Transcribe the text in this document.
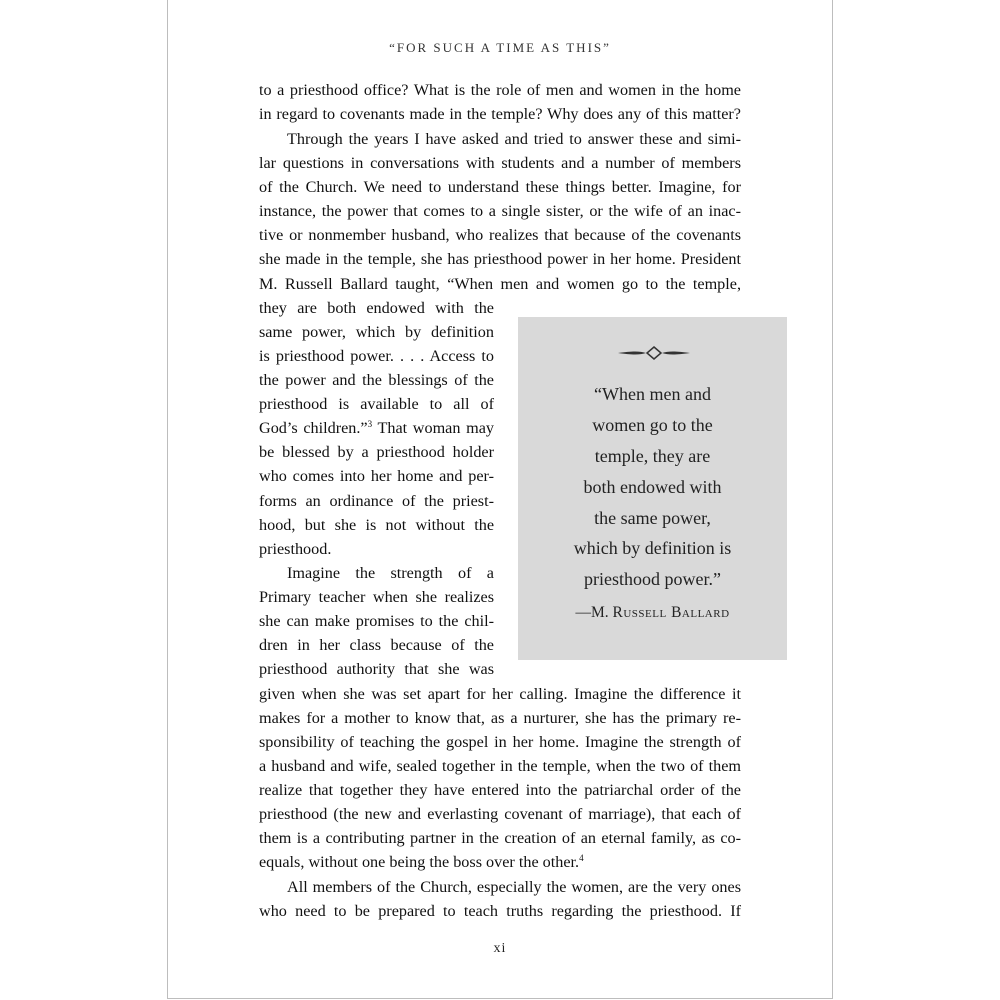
“FOR SUCH A TIME AS THIS”
to a priesthood office? What is the role of men and women in the home
in regard to covenants made in the temple? Why does any of this matter?
Through the years I have asked and tried to answer these and simi-
lar questions in conversations with students and a number of members
of the Church. We need to understand these things better. Imagine, for
instance, the power that comes to a single sister, or the wife of an inac-
tive or nonmember husband, who realizes that because of the covenants
she made in the temple, she has priesthood power in her home. President
M. Russell Ballard taught, “When men and women go to the temple,
they are both endowed with the
same power, which by definition
is priesthood power. . . . Access to
the power and the blessings of the
priesthood is available to all of
God’s children.”$^3$ That woman may
be blessed by a priesthood holder
who comes into her home and per-
forms an ordinance of the priest-
hood, but she is not without the
priesthood.
Imagine the strength of a
Primary teacher when she realizes
she can make promises to the chil-
dren in her class because of the
priesthood authority that she was
given when she was set apart for her calling. Imagine the difference it
makes for a mother to know that, as a nurturer, she has the primary re-
sponsibility of teaching the gospel in her home. Imagine the strength of
a husband and wife, sealed together in the temple, when the two of them
realize that together they have entered into the patriarchal order of the
priesthood (the new and everlasting covenant of marriage), that each of
them is a contributing partner in the creation of an eternal family, as co-
equals, without one being the boss over the other.$^4$
All members of the Church, especially the women, are the very ones
who need to be prepared to teach truths regarding the priesthood. If
“When men and
women go to the
temple, they are
both endowed with
the same power,
which by definition is
priesthood power.”
—M. Russell Ballard
xi
